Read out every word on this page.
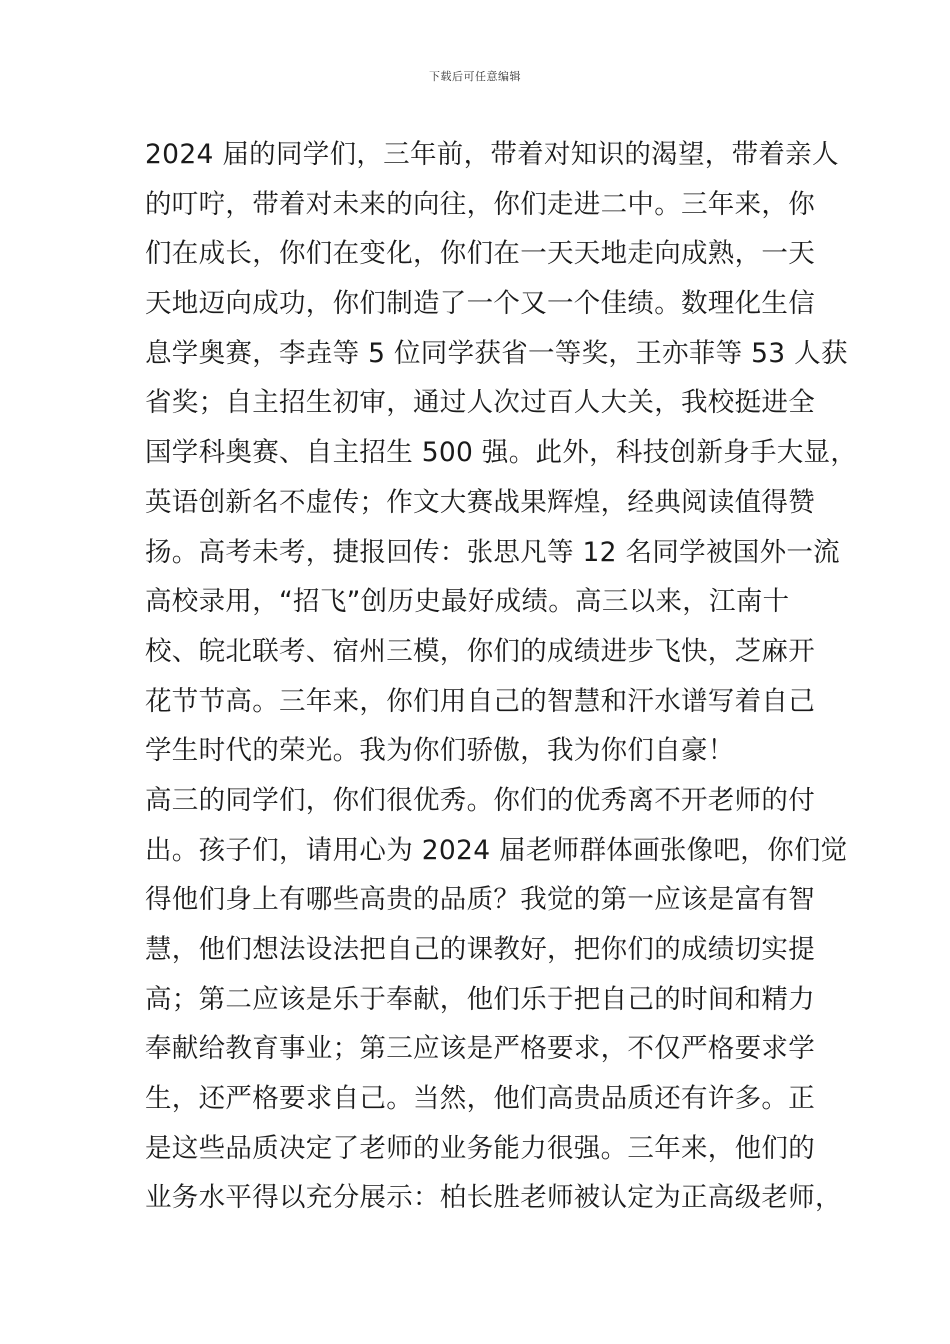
下载后可任意编辑
2024 届的同学们，三年前，带着对知识的渴望，带着亲人
的叮咛，带着对未来的向往，你们走进二中。三年来，你
们在成长，你们在变化，你们在一天天地走向成熟，一天
天地迈向成功，你们制造了一个又一个佳绩。数理化生信
息学奥赛，李垚等 5 位同学获省一等奖，王亦菲等 53 人获
省奖；自主招生初审，通过人次过百人大关，我校挺进全
国学科奥赛、自主招生 500 强。此外，科技创新身手大显，
英语创新名不虚传；作文大赛战果辉煌，经典阅读值得赞
扬。高考未考，捷报回传：张思凡等 12 名同学被国外一流
高校录用，“招飞”创历史最好成绩。高三以来，江南十
校、皖北联考、宿州三模，你们的成绩进步飞快，芝麻开
花节节高。三年来，你们用自己的智慧和汗水谱写着自己
学生时代的荣光。我为你们骄傲，我为你们自豪！
高三的同学们，你们很优秀。你们的优秀离不开老师的付
出。孩子们，请用心为 2024 届老师群体画张像吧，你们觉
得他们身上有哪些高贵的品质？我觉的第一应该是富有智
慧，他们想法设法把自己的课教好，把你们的成绩切实提
高；第二应该是乐于奉献，他们乐于把自己的时间和精力
奉献给教育事业；第三应该是严格要求，不仅严格要求学
生，还严格要求自己。当然，他们高贵品质还有许多。正
是这些品质决定了老师的业务能力很强。三年来，他们的
业务水平得以充分展示：柏长胜老师被认定为正高级老师，
